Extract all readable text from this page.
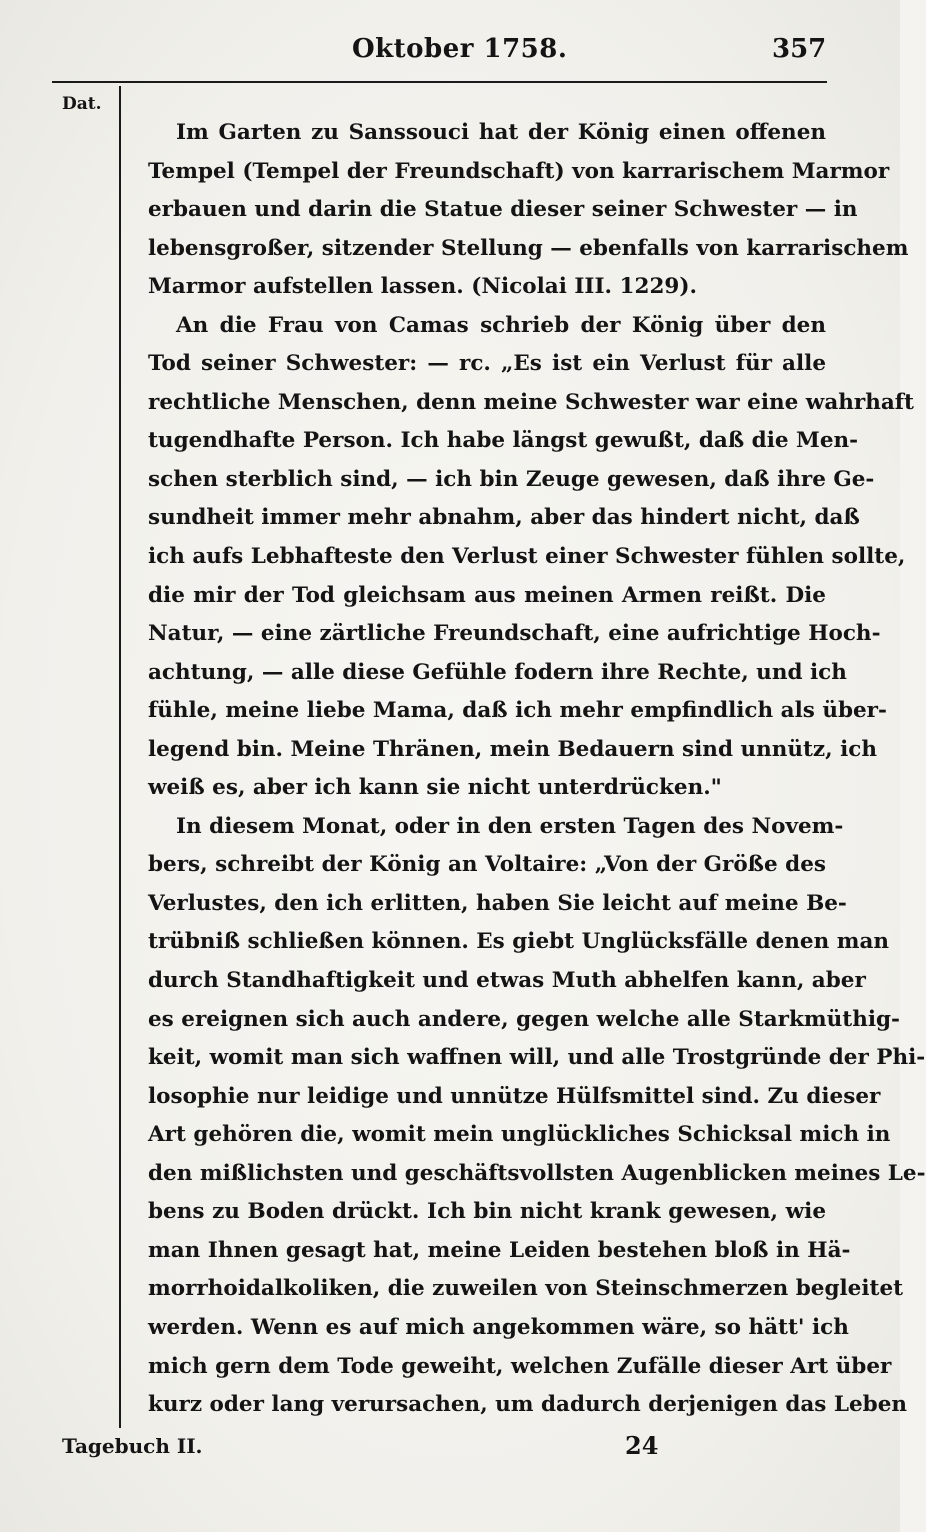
Oktober 1758.	357
Dat.
Im Garten zu Sanssouci hat der König einen offenen
Tempel (Tempel der Freundschaft) von karrarischem Marmor
erbauen und darin die Statue dieser seiner Schwester — in
lebensgroßer, sitzender Stellung — ebenfalls von karrarischem
Marmor aufstellen lassen. (Nicolai III. 1229).
An die Frau von Camas schrieb der König über den
Tod seiner Schwester: — rc. „Es ist ein Verlust für alle
rechtliche Menschen, denn meine Schwester war eine wahrhaft
tugendhafte Person. Ich habe längst gewußt, daß die Men-
schen sterblich sind, — ich bin Zeuge gewesen, daß ihre Ge-
sundheit immer mehr abnahm, aber das hindert nicht, daß
ich aufs Lebhafteste den Verlust einer Schwester fühlen sollte,
die mir der Tod gleichsam aus meinen Armen reißt. Die
Natur, — eine zärtliche Freundschaft, eine aufrichtige Hoch-
achtung, — alle diese Gefühle fodern ihre Rechte, und ich
fühle, meine liebe Mama, daß ich mehr empfindlich als über-
legend bin. Meine Thränen, mein Bedauern sind unnütz, ich
weiß es, aber ich kann sie nicht unterdrücken."
In diesem Monat, oder in den ersten Tagen des Novem-
bers, schreibt der König an Voltaire: „Von der Größe des
Verlustes, den ich erlitten, haben Sie leicht auf meine Be-
trübniß schließen können. Es giebt Unglücksfälle denen man
durch Standhaftigkeit und etwas Muth abhelfen kann, aber
es ereignen sich auch andere, gegen welche alle Starkmüthig-
keit, womit man sich waffnen will, und alle Trostgründe der Phi-
losophie nur leidige und unnütze Hülfsmittel sind. Zu dieser
Art gehören die, womit mein unglückliches Schicksal mich in
den mißlichsten und geschäftsvollsten Augenblicken meines Le-
bens zu Boden drückt. Ich bin nicht krank gewesen, wie
man Ihnen gesagt hat, meine Leiden bestehen bloß in Hä-
morrhoidalkoliken, die zuweilen von Steinschmerzen begleitet
werden. Wenn es auf mich angekommen wäre, so hätt' ich
mich gern dem Tode geweiht, welchen Zufälle dieser Art über
kurz oder lang verursachen, um dadurch derjenigen das Leben
Tagebuch II.	24
